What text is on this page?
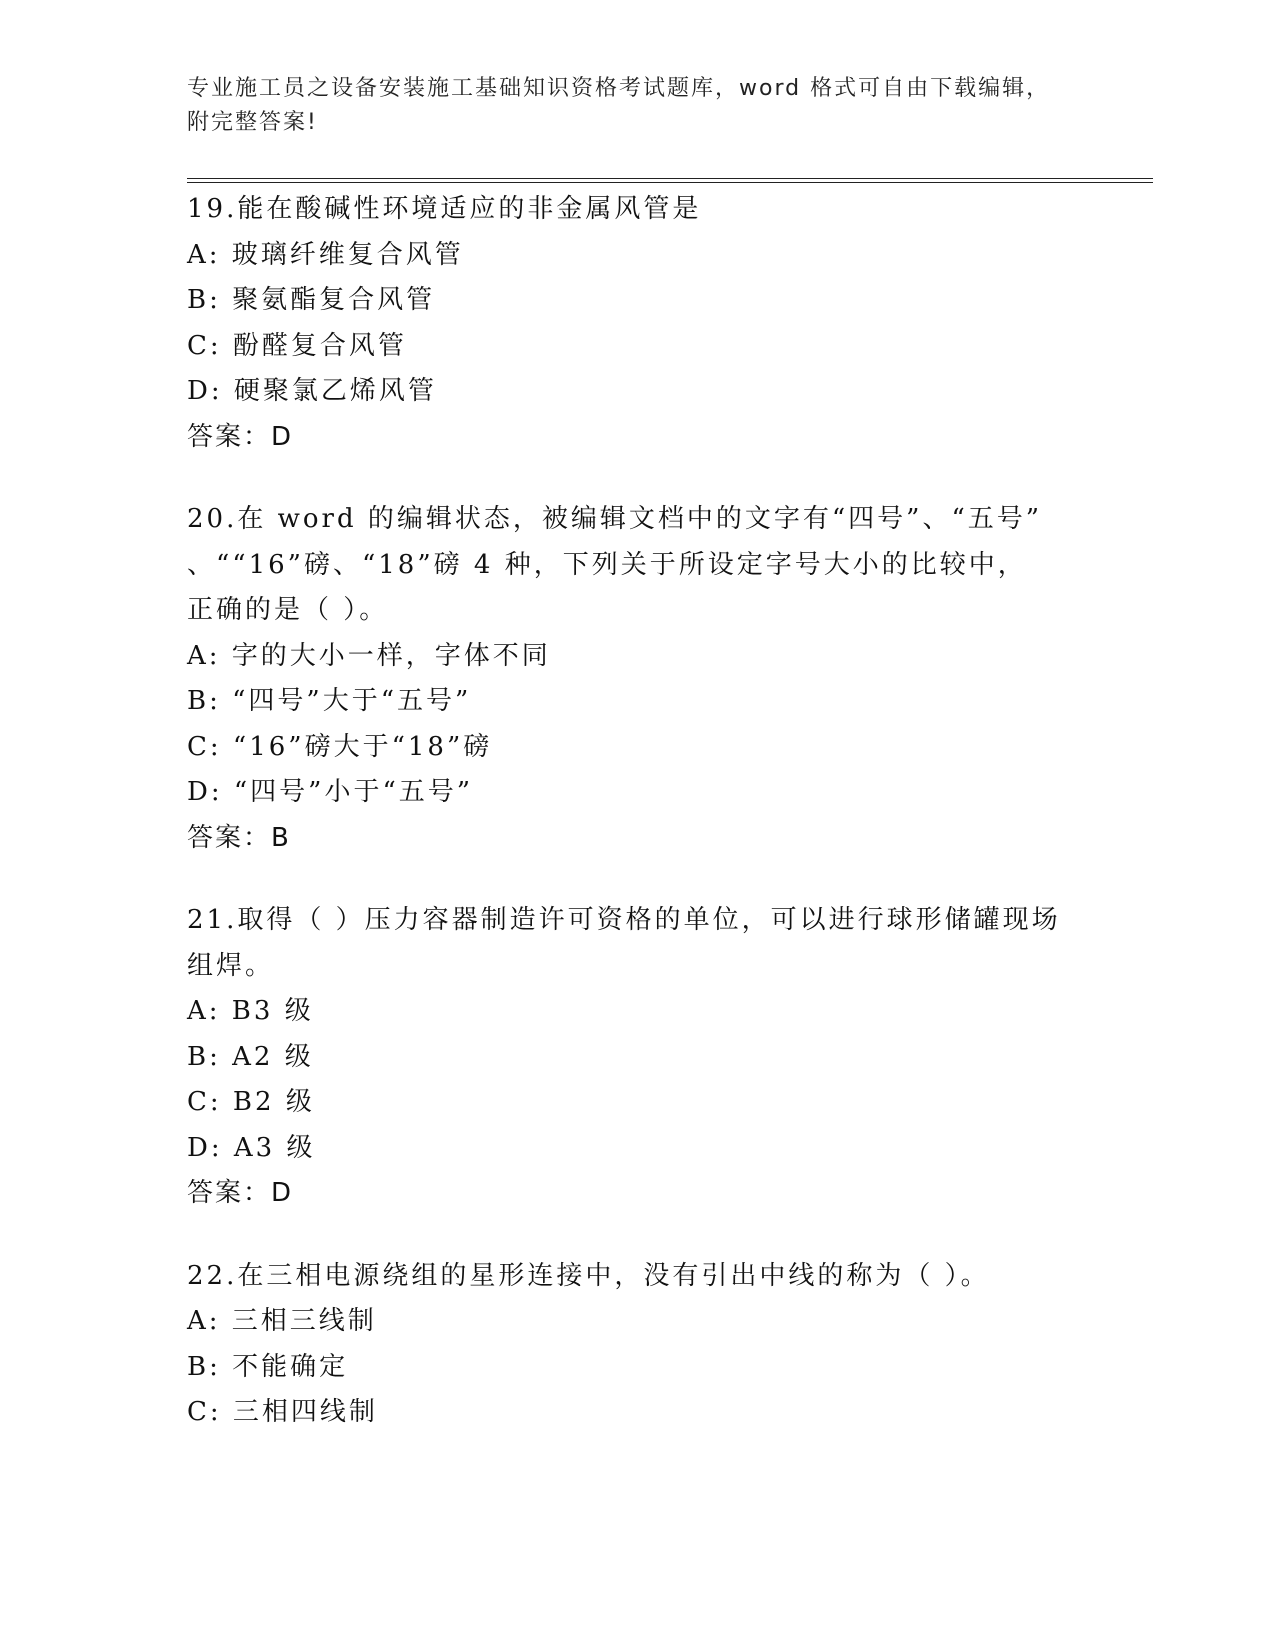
专业施工员之设备安装施工基础知识资格考试题库，word 格式可自由下载编辑，
附完整答案!
19.能在酸碱性环境适应的非金属风管是
A: 玻璃纤维复合风管
B: 聚氨酯复合风管
C: 酚醛复合风管
D: 硬聚氯乙烯风管
答案：D
20.在 word 的编辑状态，被编辑文档中的文字有“四号”、“五号”
、““16”磅、“18”磅 4 种，下列关于所设定字号大小的比较中，
正确的是（ ）。
A: 字的大小一样，字体不同
B: “四号”大于“五号”
C: “16”磅大于“18”磅
D: “四号”小于“五号”
答案：B
21.取得（ ）压力容器制造许可资格的单位，可以进行球形储罐现场
组焊。
A: B3 级
B: A2 级
C: B2 级
D: A3 级
答案：D
22.在三相电源绕组的星形连接中，没有引出中线的称为（ ）。
A: 三相三线制
B: 不能确定
C: 三相四线制
